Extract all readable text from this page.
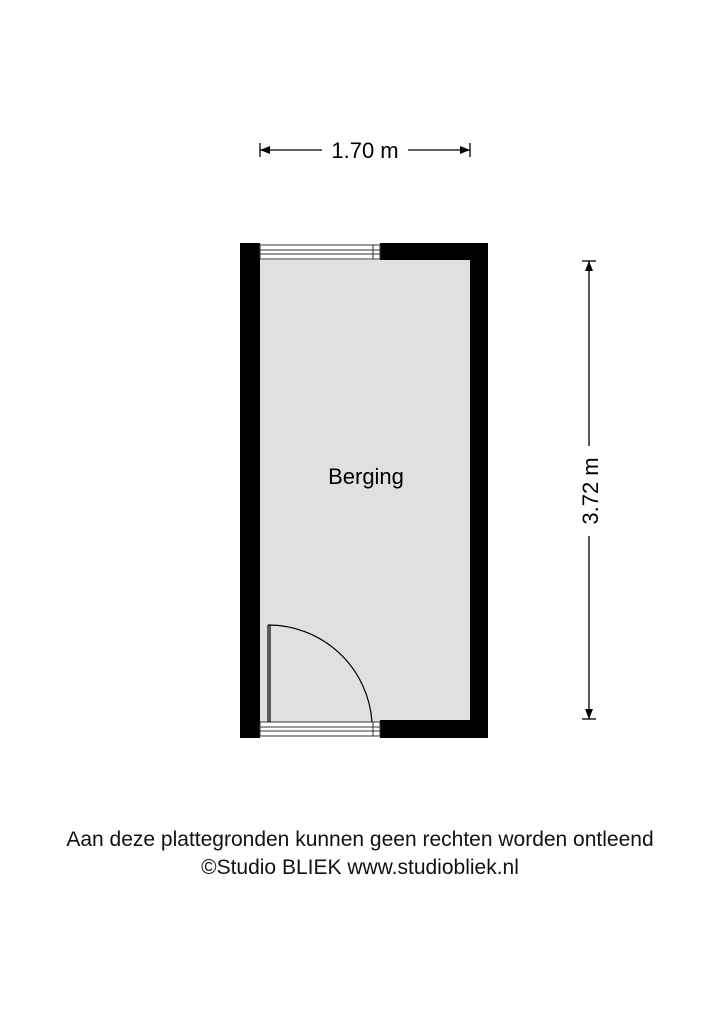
1.70 m
3.72 m
Berging
Aan deze plattegronden kunnen geen rechten worden ontleend
©Studio BLIEK www.studiobliek.nl
